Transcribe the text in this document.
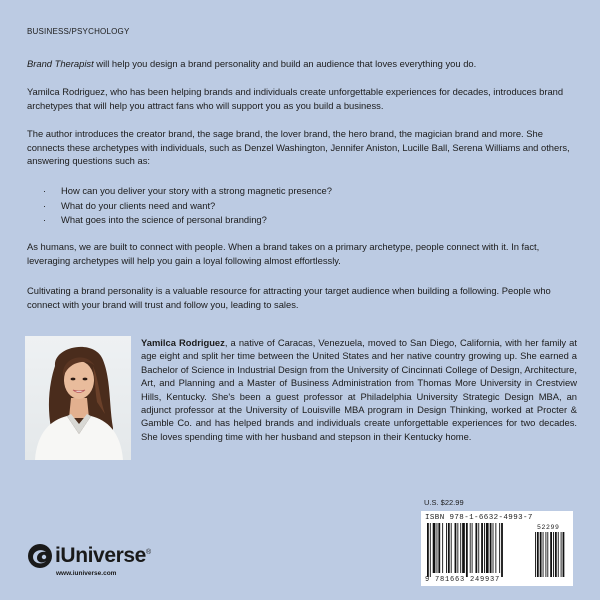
BUSINESS/PSYCHOLOGY

Brand Therapist will help you design a brand personality and build an audience that loves everything you do.

Yamilca Rodriguez, who has been helping brands and individuals create unforgettable experiences for decades, introduces brand archetypes that will help you attract fans who will support you as you build a business.

The author introduces the creator brand, the sage brand, the lover brand, the hero brand, the magician brand and more. She connects these archetypes with individuals, such as Denzel Washington, Jennifer Aniston, Lucille Ball, Serena Williams and others, answering questions such as:

· How can you deliver your story with a strong magnetic presence?
· What do your clients need and want?
· What goes into the science of personal branding?

As humans, we are built to connect with people. When a brand takes on a primary archetype, people connect with it. In fact, leveraging archetypes will help you gain a loyal following almost effortlessly.

Cultivating a brand personality is a valuable resource for attracting your target audience when building a following. People who connect with your brand will trust and follow you, leading to sales.

Yamilca Rodriguez, a native of Caracas, Venezuela, moved to San Diego, California, with her family at age eight and split her time between the United States and her native country growing up. She earned a Bachelor of Science in Industrial Design from the University of Cincinnati College of Design, Architecture, Art, and Planning and a Master of Business Administration from Thomas More University in Crestview Hills, Kentucky. She's been a guest professor at Philadelphia University Strategic Design MBA, an adjunct professor at the University of Louisville MBA program in Design Thinking, worked at Procter & Gamble Co. and has helped brands and individuals create unforgettable experiences for two decades. She loves spending time with her husband and stepson in their Kentucky home.

U.S. $22.99
ISBN 978-1-6632-4993-7
52299
9 781663 249937
iUniverse®
www.iuniverse.com
